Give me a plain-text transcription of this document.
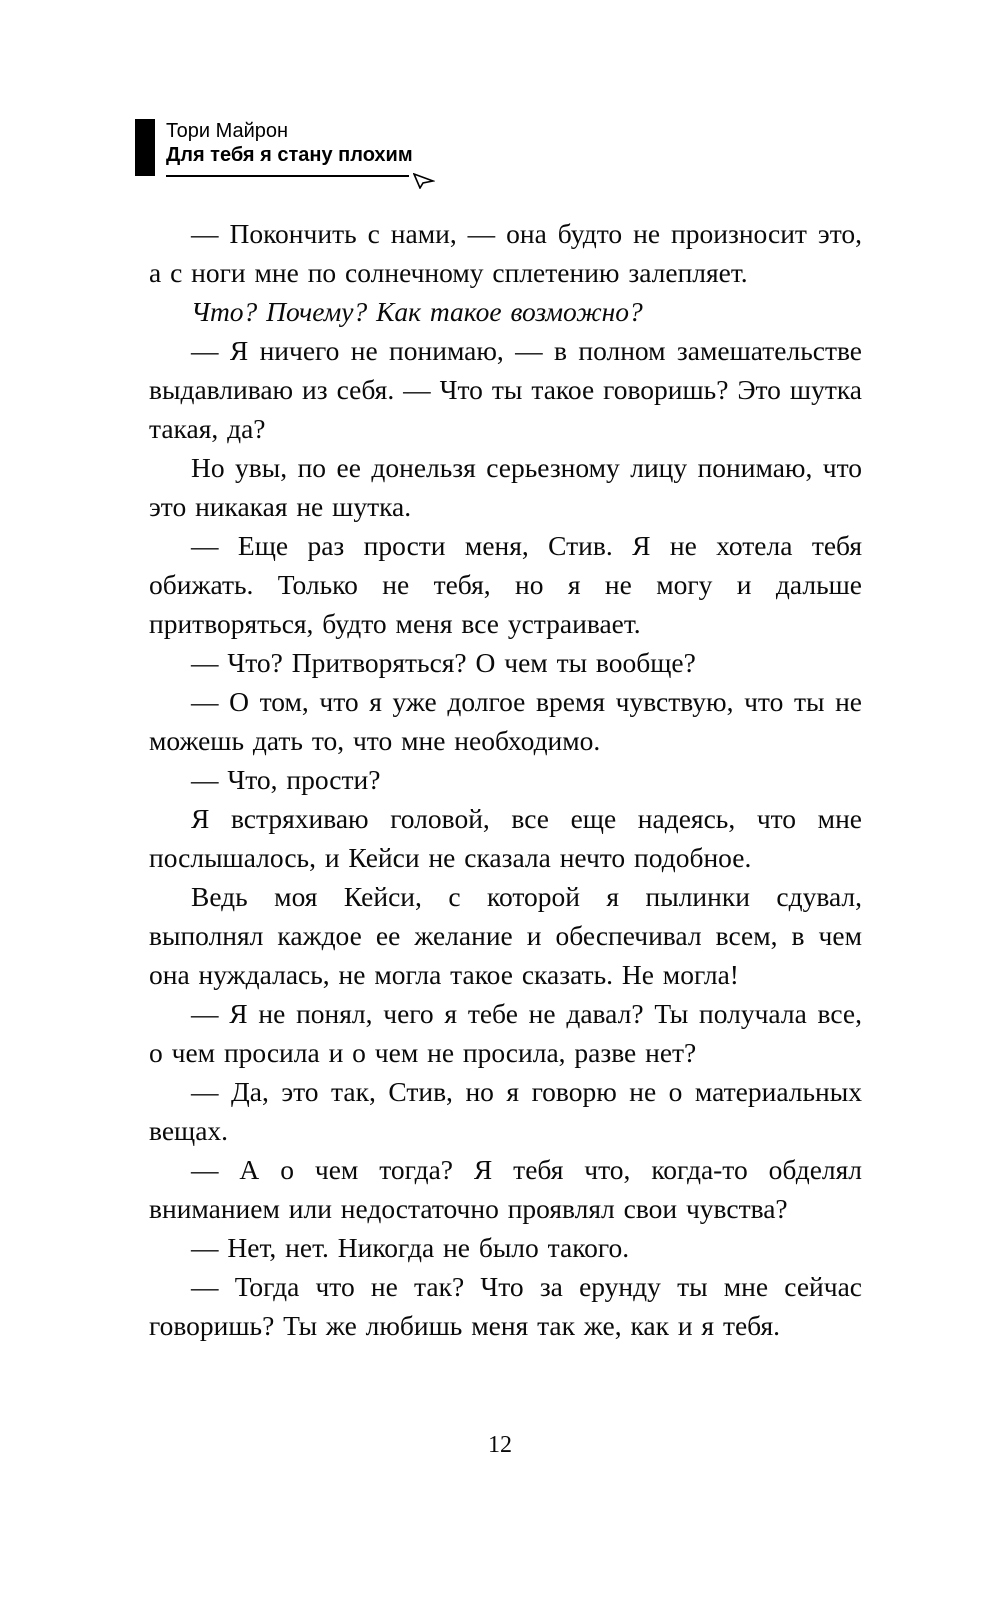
Тори Майрон
Для тебя я стану плохим

— Покончить с нами, — она будто не произносит это, а с ноги мне по солнечному сплетению залепляет.

Что? Почему? Как такое возможно?

— Я ничего не понимаю, — в полном замешательстве выдавливаю из себя. — Что ты такое говоришь? Это шутка такая, да?

Но увы, по ее донельзя серьезному лицу понимаю, что это никакая не шутка.

— Еще раз прости меня, Стив. Я не хотела тебя обижать. Только не тебя, но я не могу и дальше притворяться, будто меня все устраивает.

— Что? Притворяться? О чем ты вообще?

— О том, что я уже долгое время чувствую, что ты не можешь дать то, что мне необходимо.

— Что, прости?

Я встряхиваю головой, все еще надеясь, что мне послышалось, и Кейси не сказала нечто подобное.

Ведь моя Кейси, с которой я пылинки сдувал, выполнял каждое ее желание и обеспечивал всем, в чем она нуждалась, не могла такое сказать. Не могла!

— Я не понял, чего я тебе не давал? Ты получала все, о чем просила и о чем не просила, разве нет?

— Да, это так, Стив, но я говорю не о материальных вещах.

— А о чем тогда? Я тебя что, когда-то обделял вниманием или недостаточно проявлял свои чувства?

— Нет, нет. Никогда не было такого.

— Тогда что не так? Что за ерунду ты мне сейчас говоришь? Ты же любишь меня так же, как и я тебя.

12
